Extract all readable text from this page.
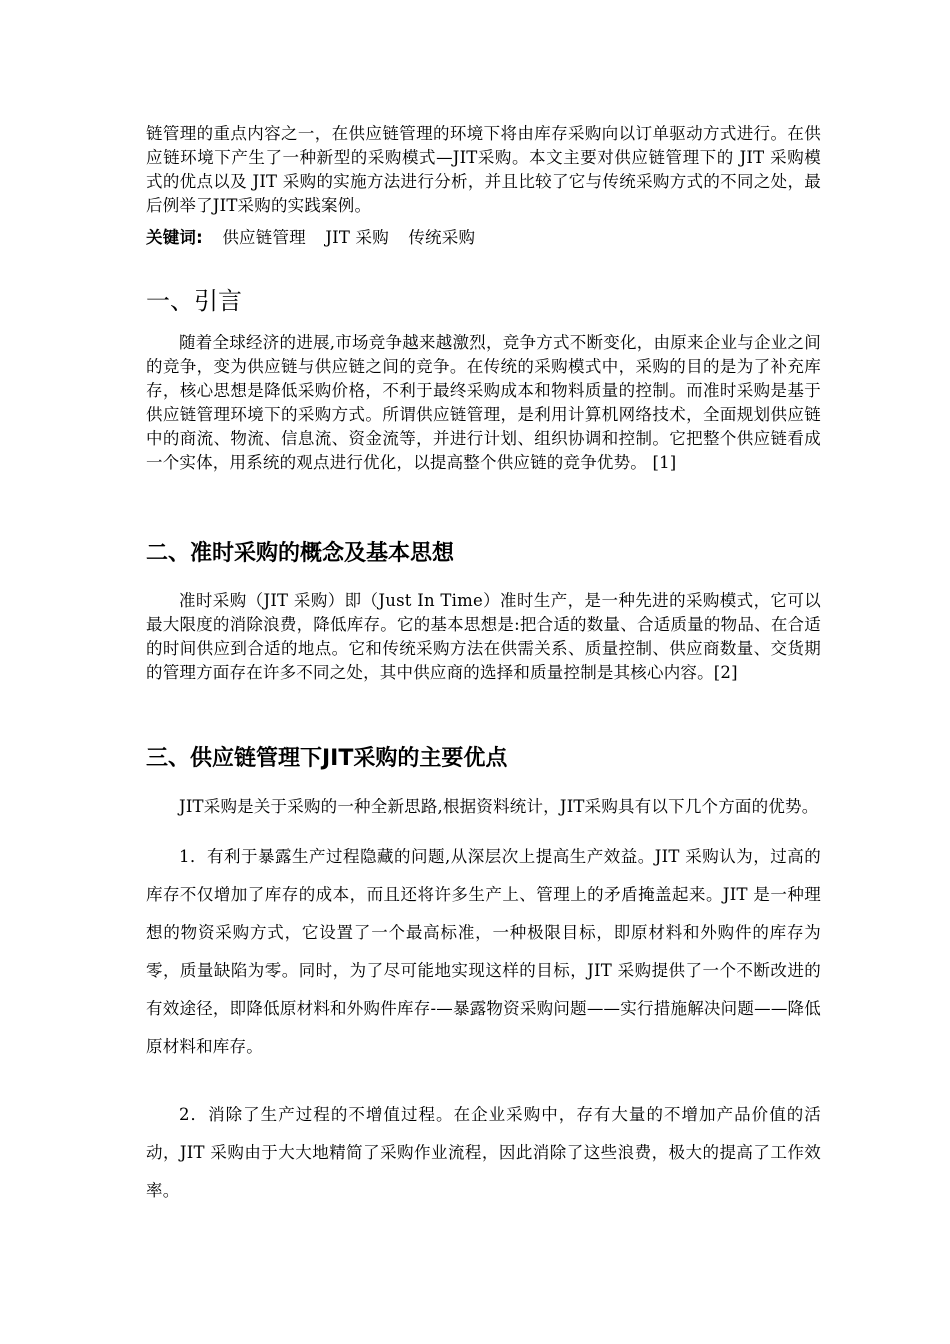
链管理的重点内容之一，在供应链管理的环境下将由库存采购向以订单驱动方式进行。在供应链环境下产生了一种新型的采购模式—JIT采购。本文主要对供应链管理下的 JIT 采购模式的优点以及 JIT 采购的实施方法进行分析，并且比较了它与传统采购方式的不同之处，最后例举了JIT采购的实践案例。

关键词: 供应链管理 JIT 采购 传统采购
一、引言

随着全球经济的进展,市场竞争越来越激烈，竞争方式不断变化，由原来企业与企业之间的竞争，变为供应链与供应链之间的竞争。在传统的采购模式中，采购的目的是为了补充库存，核心思想是降低采购价格，不利于最终采购成本和物料质量的控制。而准时采购是基于供应链管理环境下的采购方式。所谓供应链管理，是利用计算机网络技术，全面规划供应链中的商流、物流、信息流、资金流等，并进行计划、组织协调和控制。它把整个供应链看成一个实体，用系统的观点进行优化，以提高整个供应链的竞争优势。 [1]

二、准时采购的概念及基本思想

准时采购（JIT 采购）即（Just In Time）准时生产，是一种先进的采购模式，它可以最大限度的消除浪费，降低库存。它的基本思想是:把合适的数量、合适质量的物品、在合适的时间供应到合适的地点。它和传统采购方法在供需关系、质量控制、供应商数量、交货期的管理方面存在许多不同之处，其中供应商的选择和质量控制是其核心内容。[2]

三、供应链管理下JIT采购的主要优点

JIT采购是关于采购的一种全新思路,根据资料统计，JIT采购具有以下几个方面的优势。

1．有利于暴露生产过程隐藏的问题,从深层次上提高生产效益。JIT 采购认为，过高的库存不仅增加了库存的成本，而且还将许多生产上、管理上的矛盾掩盖起来。JIT 是一种理想的物资采购方式，它设置了一个最高标准，一种极限目标，即原材料和外购件的库存为零，质量缺陷为零。同时，为了尽可能地实现这样的目标，JIT 采购提供了一个不断改进的有效途径，即降低原材料和外购件库存-—暴露物资采购问题——实行措施解决问题——降低原材料和库存。

2．消除了生产过程的不增值过程。在企业采购中，存有大量的不增加产品价值的活动，JIT 采购由于大大地精简了采购作业流程，因此消除了这些浪费，极大的提高了工作效率。
